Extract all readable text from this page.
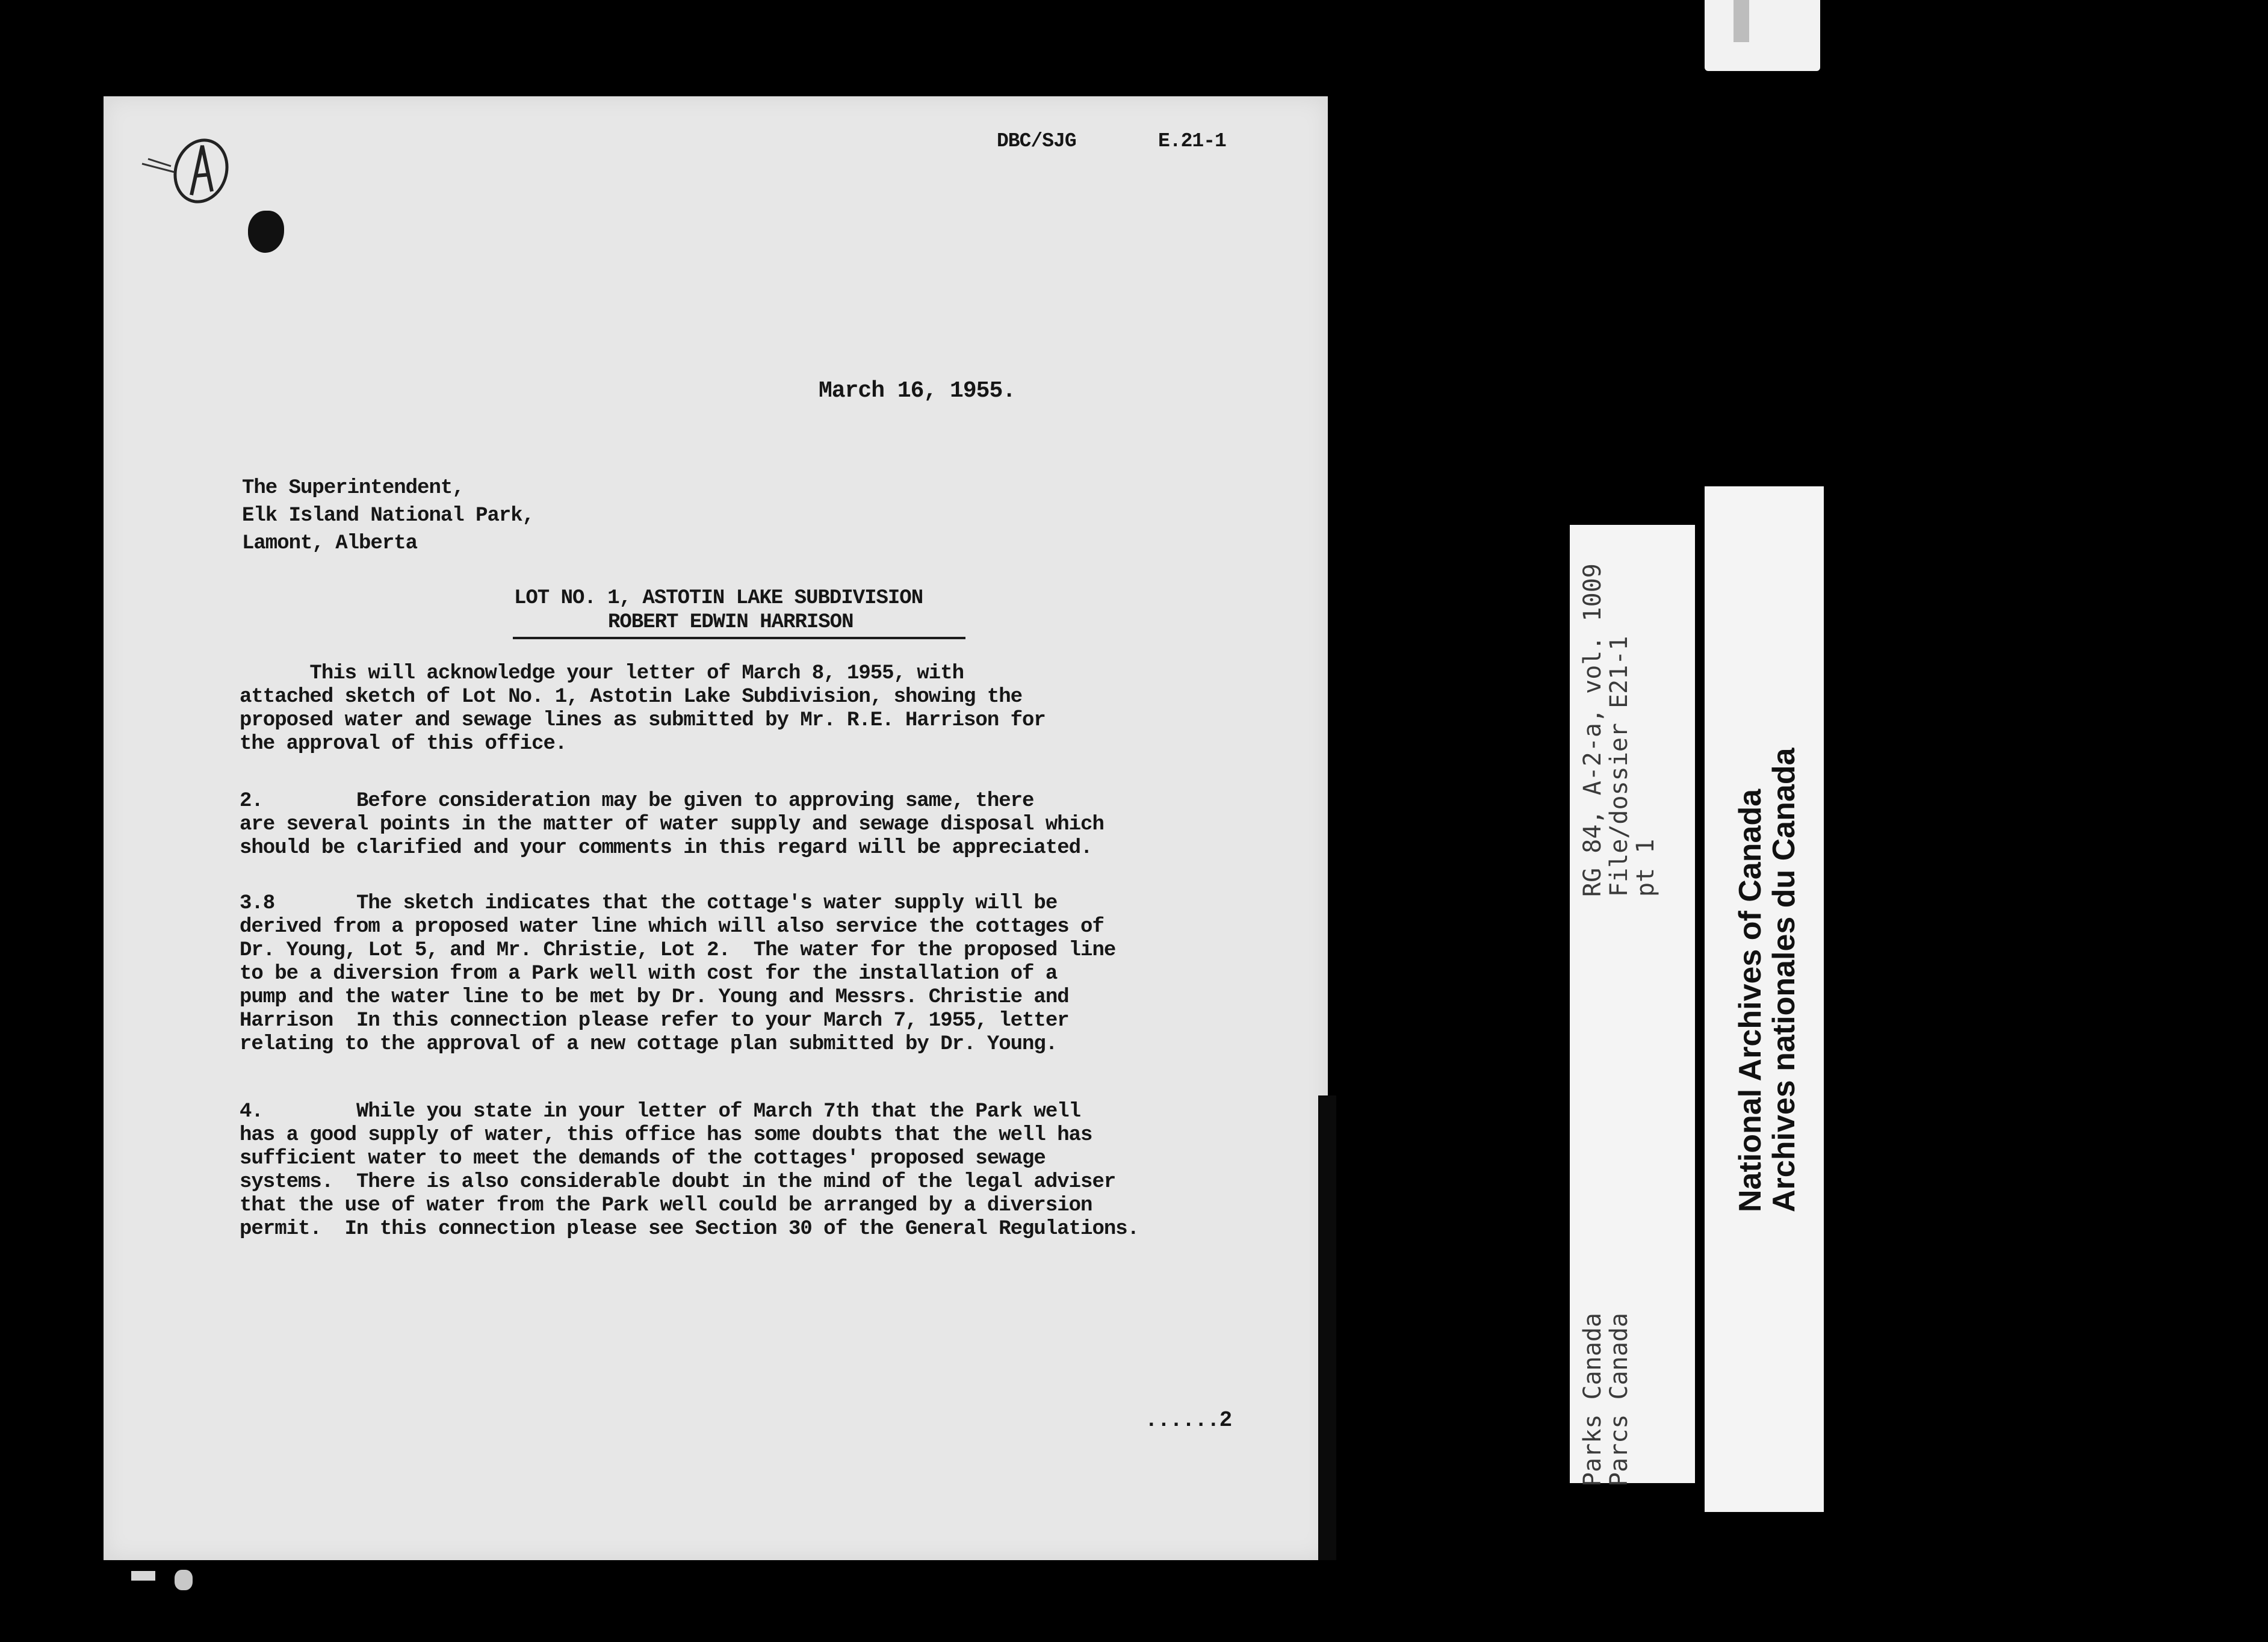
DBC/SJG	E.21-1
March 16, 1955.
The Superintendent,
Elk Island National Park,
Lamont, Alberta
LOT NO. 1, ASTOTIN LAKE SUBDIVISION
ROBERT EDWIN HARRISON
This will acknowledge your letter of March 8, 1955, with
attached sketch of Lot No. 1, Astotin Lake Subdivision, showing the
proposed water and sewage lines as submitted by Mr. R.E. Harrison for
the approval of this office.
2.        Before consideration may be given to approving same, there
are several points in the matter of water supply and sewage disposal which
should be clarified and your comments in this regard will be appreciated.
3.8       The sketch indicates that the cottage's water supply will be
derived from a proposed water line which will also service the cottages of
Dr. Young, Lot 5, and Mr. Christie, Lot 2.  The water for the proposed line
to be a diversion from a Park well with cost for the installation of a
pump and the water line to be met by Dr. Young and Messrs. Christie and
Harrison  In this connection please refer to your March 7, 1955, letter
relating to the approval of a new cottage plan submitted by Dr. Young.
4.        While you state in your letter of March 7th that the Park well
has a good supply of water, this office has some doubts that the well has
sufficient water to meet the demands of the cottages' proposed sewage
systems.  There is also considerable doubt in the mind of the legal adviser
that the use of water from the Park well could be arranged by a diversion
permit.  In this connection please see Section 30 of the General Regulations.
......2
RG 84, A-2-a, vol. 1009
File/dossier E21-1
pt 1
Parks Canada
Parcs Canada
National Archives of Canada
Archives nationales du Canada
